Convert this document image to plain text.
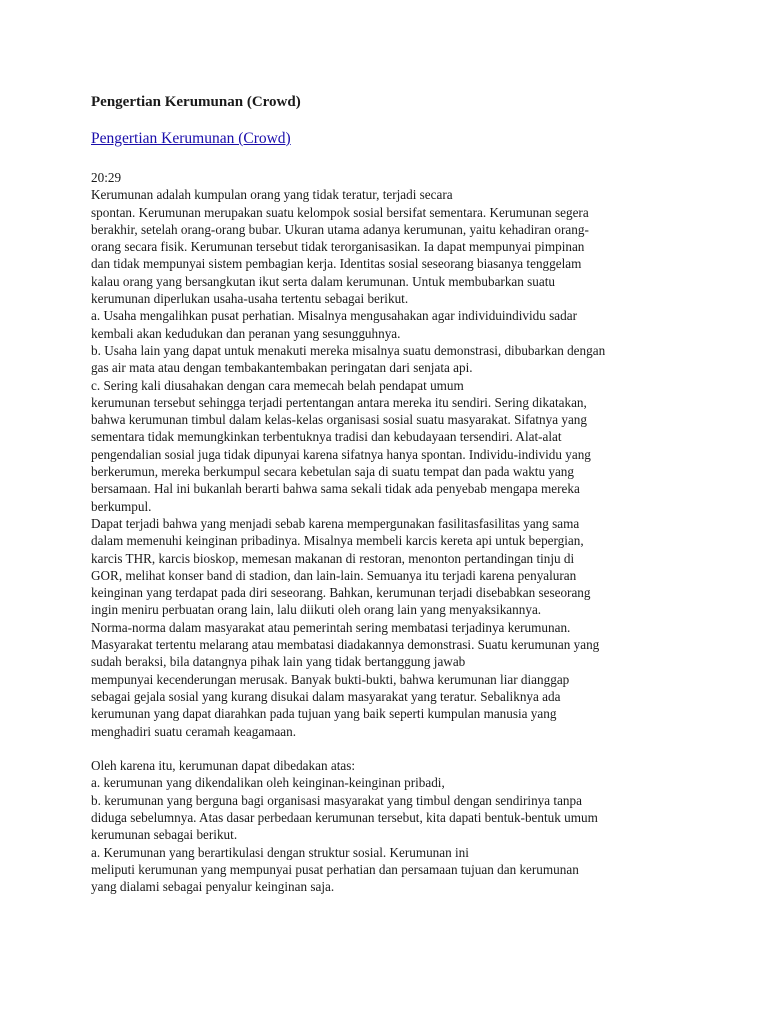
Pengertian Kerumunan (Crowd)
Pengertian Kerumunan (Crowd)
20:29
Kerumunan adalah kumpulan orang yang tidak teratur, terjadi secara
spontan. Kerumunan merupakan suatu kelompok sosial bersifat sementara. Kerumunan segera
berakhir, setelah orang-orang bubar. Ukuran utama adanya kerumunan, yaitu kehadiran orang-
orang secara fisik. Kerumunan tersebut tidak terorganisasikan. Ia dapat mempunyai pimpinan
dan tidak mempunyai sistem pembagian kerja. Identitas sosial seseorang biasanya tenggelam
kalau orang yang bersangkutan ikut serta dalam kerumunan. Untuk membubarkan suatu
kerumunan diperlukan usaha-usaha tertentu sebagai berikut.
a. Usaha mengalihkan pusat perhatian. Misalnya mengusahakan agar individuindividu sadar
kembali akan kedudukan dan peranan yang sesungguhnya.
b. Usaha lain yang dapat untuk menakuti mereka misalnya suatu demonstrasi, dibubarkan dengan
gas air mata atau dengan tembakantembakan peringatan dari senjata api.
c. Sering kali diusahakan dengan cara memecah belah pendapat umum
kerumunan tersebut sehingga terjadi pertentangan antara mereka itu sendiri. Sering dikatakan,
bahwa kerumunan timbul dalam kelas-kelas organisasi sosial suatu masyarakat. Sifatnya yang
sementara tidak memungkinkan terbentuknya tradisi dan kebudayaan tersendiri. Alat-alat
pengendalian sosial juga tidak dipunyai karena sifatnya hanya spontan. Individu-individu yang
berkerumun, mereka berkumpul secara kebetulan saja di suatu tempat dan pada waktu yang
bersamaan. Hal ini bukanlah berarti bahwa sama sekali tidak ada penyebab mengapa mereka
berkumpul.
Dapat terjadi bahwa yang menjadi sebab karena mempergunakan fasilitasfasilitas yang sama
dalam memenuhi keinginan pribadinya. Misalnya membeli karcis kereta api untuk bepergian,
karcis THR, karcis bioskop, memesan makanan di restoran, menonton pertandingan tinju di
GOR, melihat konser band di stadion, dan lain-lain. Semuanya itu terjadi karena penyaluran
keinginan yang terdapat pada diri seseorang. Bahkan, kerumunan terjadi disebabkan seseorang
ingin meniru perbuatan orang lain, lalu diikuti oleh orang lain yang menyaksikannya.
Norma-norma dalam masyarakat atau pemerintah sering membatasi terjadinya kerumunan.
Masyarakat tertentu melarang atau membatasi diadakannya demonstrasi. Suatu kerumunan yang
sudah beraksi, bila datangnya pihak lain yang tidak bertanggung jawab
mempunyai kecenderungan merusak. Banyak bukti-bukti, bahwa kerumunan liar dianggap
sebagai gejala sosial yang kurang disukai dalam masyarakat yang teratur. Sebaliknya ada
kerumunan yang dapat diarahkan pada tujuan yang baik seperti kumpulan manusia yang
menghadiri suatu ceramah keagamaan.
Oleh karena itu, kerumunan dapat dibedakan atas:
a. kerumunan yang dikendalikan oleh keinginan-keinginan pribadi,
b. kerumunan yang berguna bagi organisasi masyarakat yang timbul dengan sendirinya tanpa
diduga sebelumnya. Atas dasar perbedaan kerumunan tersebut, kita dapati bentuk-bentuk umum
kerumunan sebagai berikut.
a. Kerumunan yang berartikulasi dengan struktur sosial. Kerumunan ini
meliputi kerumunan yang mempunyai pusat perhatian dan persamaan tujuan dan kerumunan
yang dialami sebagai penyalur keinginan saja.
